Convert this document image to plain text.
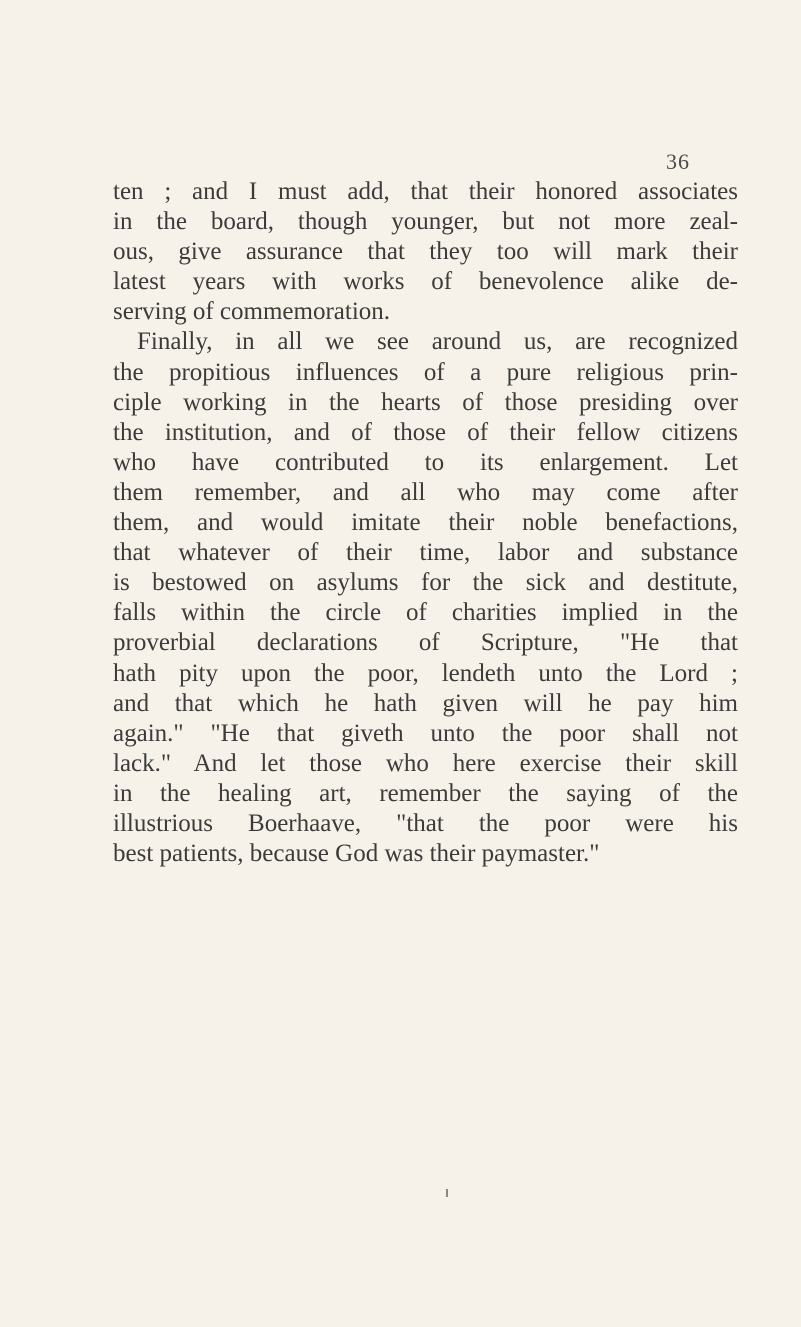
36
ten ; and I must add, that their honored associates
in the board, though younger, but not more zeal-
ous, give assurance that they too will mark their
latest years with works of benevolence alike de-
serving of commemoration.
Finally, in all we see around us, are recognized
the propitious influences of a pure religious prin-
ciple working in the hearts of those presiding over
the institution, and of those of their fellow citizens
who have contributed to its enlargement. Let
them remember, and all who may come after
them, and would imitate their noble benefactions,
that whatever of their time, labor and substance
is bestowed on asylums for the sick and destitute,
falls within the circle of charities implied in the
proverbial declarations of Scripture, "He that
hath pity upon the poor, lendeth unto the Lord ;
and that which he hath given will he pay him
again." "He that giveth unto the poor shall not
lack." And let those who here exercise their skill
in the healing art, remember the saying of the
illustrious Boerhaave, "that the poor were his
best patients, because God was their paymaster."
